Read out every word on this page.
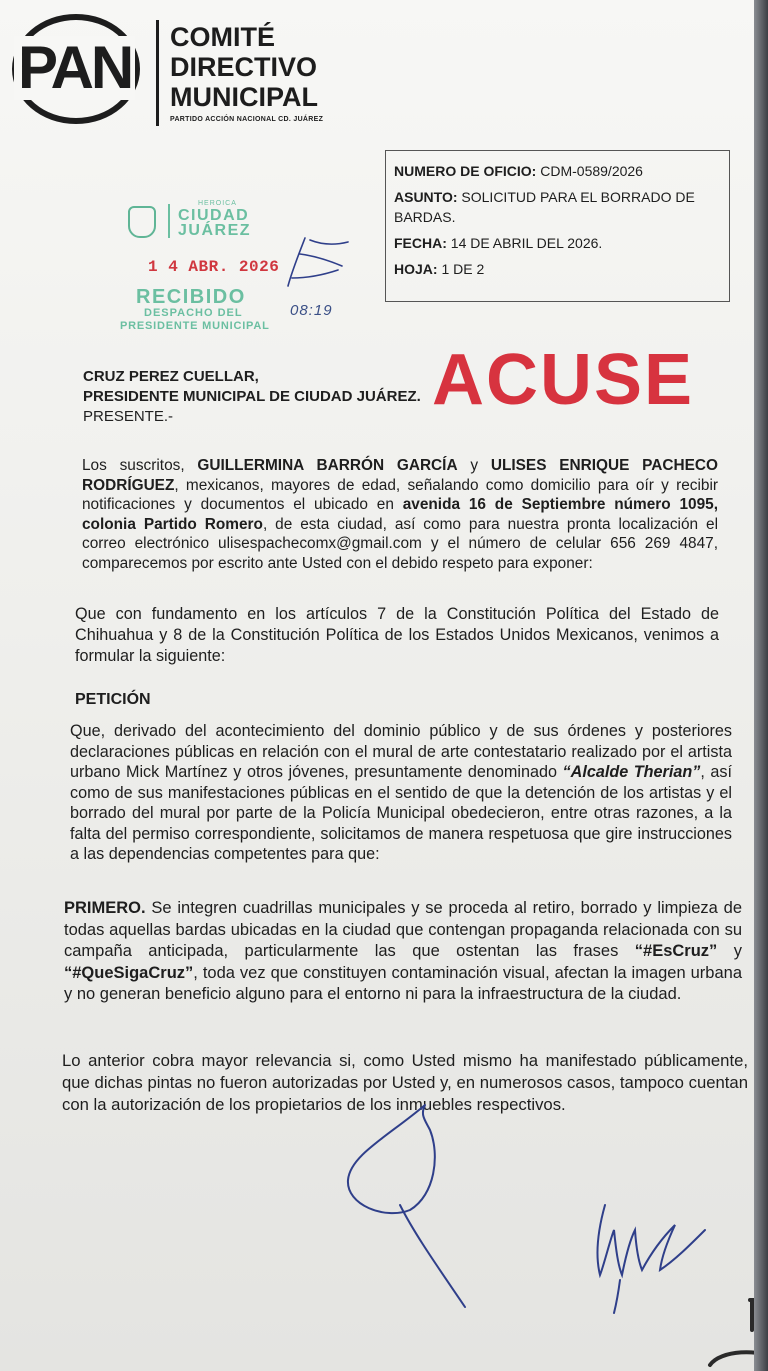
PAN COMITÉ
DIRECTIVO
MUNICIPAL
PARTIDO ACCIÓN NACIONAL CD. JUÁREZ
NUMERO DE OFICIO: CDM-0589/2026
ASUNTO: SOLICITUD PARA EL BORRADO DE BARDAS.
FECHA: 14 DE ABRIL DEL 2026.
HOJA: 1 DE 2
HEROICA
CIUDAD
JUÁREZ
1 4 ABR. 2026
RECIBIDO
DESPACHO DEL
PRESIDENTE MUNICIPAL
08:19
CRUZ PEREZ CUELLAR,
PRESIDENTE MUNICIPAL DE CIUDAD JUÁREZ.
PRESENTE.-	ACUSE
Los suscritos, GUILLERMINA BARRÓN GARCÍA y ULISES ENRIQUE PACHECO RODRÍGUEZ, mexicanos, mayores de edad, señalando como domicilio para oír y recibir notificaciones y documentos el ubicado en avenida 16 de Septiembre número 1095, colonia Partido Romero, de esta ciudad, así como para nuestra pronta localización el correo electrónico ulisespachecomx@gmail.com y el número de celular 656 269 4847, comparecemos por escrito ante Usted con el debido respeto para exponer:
Que con fundamento en los artículos 7 de la Constitución Política del Estado de Chihuahua y 8 de la Constitución Política de los Estados Unidos Mexicanos, venimos a formular la siguiente:
PETICIÓN
Que, derivado del acontecimiento del dominio público y de sus órdenes y posteriores declaraciones públicas en relación con el mural de arte contestatario realizado por el artista urbano Mick Martínez y otros jóvenes, presuntamente denominado “Alcalde Therian”, así como de sus manifestaciones públicas en el sentido de que la detención de los artistas y el borrado del mural por parte de la Policía Municipal obedecieron, entre otras razones, a la falta del permiso correspondiente, solicitamos de manera respetuosa que gire instrucciones a las dependencias competentes para que:
PRIMERO. Se integren cuadrillas municipales y se proceda al retiro, borrado y limpieza de todas aquellas bardas ubicadas en la ciudad que contengan propaganda relacionada con su campaña anticipada, particularmente las que ostentan las frases “#EsCruz” y “#QueSigaCruz”, toda vez que constituyen contaminación visual, afectan la imagen urbana y no generan beneficio alguno para el entorno ni para la infraestructura de la ciudad.
Lo anterior cobra mayor relevancia si, como Usted mismo ha manifestado públicamente, que dichas pintas no fueron autorizadas por Usted y, en numerosos casos, tampoco cuentan con la autorización de los propietarios de los inmuebles respectivos.
